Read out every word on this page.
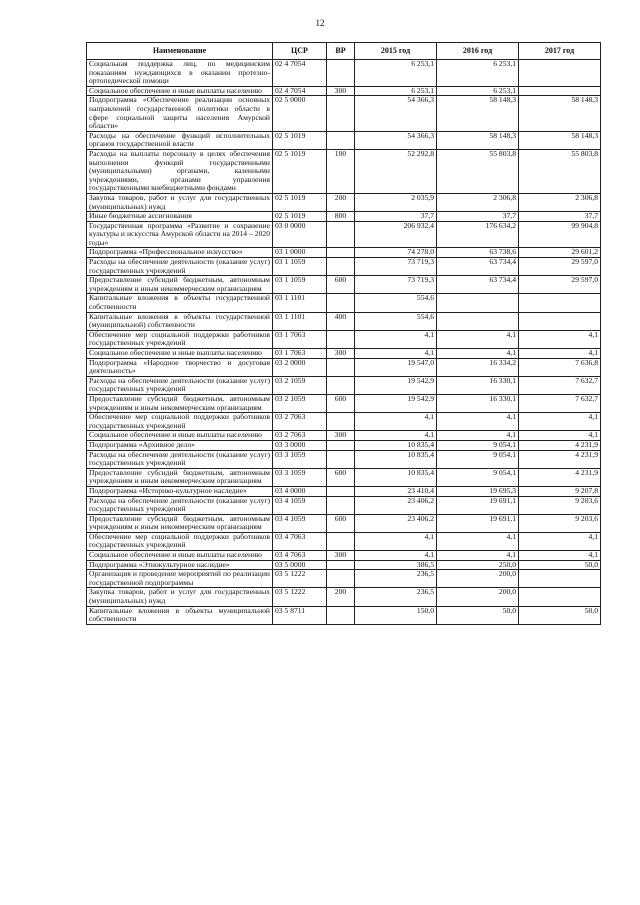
12
Наименование	ЦСР	ВР	2015 год	2016 год	2017 год
Социальная поддержка лиц, по медицинским показаниям нуждающихся в оказании протезно-ортопедической помощи	02 4 7054		6 253,1	6 253,1	
Социальное обеспечение и иные выплаты населению	02 4 7054	300	6 253,1	6 253,1	
Подпрограмма «Обеспечение реализации основных направлений государственной политики области в сфере социальной защиты населения Амурской области»	02 5 0000		54 366,3	58 148,3	58 148,3
Расходы на обеспечение функций исполнительных органов государственной власти	02 5 1019		54 366,3	58 148,3	58 148,3
Расходы на выплаты персоналу в целях обеспечения выполнения функций государственными (муниципальными) органами, казенными учреждениями, органами управления государственными внебюджетными фондами	02 5 1019	100	52 292,8	55 803,8	55 803,8
Закупка товаров, работ и услуг для государственных (муниципальных) нужд	02 5 1019	200	2 035,9	2 306,8	2 306,8
Иные бюджетные ассигнования	02 5 1019	800	37,7	37,7	37,7
Государственная программа «Развитие и сохранение культуры и искусства Амурской области на 2014 – 2020 годы»	03 0 0000		206 932,4	176 634,2	99 904,8
Подпрограмма «Профессиональное искусство»	03 1 0000		74 278,0	63 738,6	29 601,2
Расходы на обеспечение деятельности (оказание услуг) государственных учреждений	03 1 1059		73 719,3	63 734,4	29 597,0
Предоставление субсидий бюджетным, автономным учреждениям и иным некоммерческим организациям	03 1 1059	600	73 719,3	63 734,4	29 597,0
Капитальные вложения в объекты государственной собственности	03 1 1101		554,6		
Капитальные вложения в объекты государственной (муниципальной) собственности	03 1 1101	400	554,6		
Обеспечение мер социальной поддержки работников государственных учреждений	03 1 7063		4,1	4,1	4,1
Социальное обеспечение и иные выплаты населению	03 1 7063	300	4,1	4,1	4,1
Подпрограмма «Народное творчество и досуговая деятельность»	03 2 0000		19 547,0	16 334,2	7 636,8
Расходы на обеспечение деятельности (оказание услуг) государственных учреждений	03 2 1059		19 542,9	16 330,1	7 632,7
Предоставление субсидий бюджетным, автономным учреждениям и иным некоммерческим организациям	03 2 1059	600	19 542,9	16 330,1	7 632,7
Обеспечение мер социальной поддержки работников государственных учреждений	03 2 7063		4,1	4,1	4,1
Социальное обеспечение и иные выплаты населению	03 2 7063	300	4,1	4,1	4,1
Подпрограмма «Архивное дело»	03 3 0000		10 835,4	9 054,1	4 231,9
Расходы на обеспечение деятельности (оказание услуг) государственных учреждений	03 3 1059		10 835,4	9 054,1	4 231,9
Предоставление субсидий бюджетным, автономным учреждениям и иным некоммерческим организациям	03 3 1059	600	10 835,4	9 054,1	4 231,9
Подпрограмма «Историко-культурное наследие»	03 4 0000		23 410,4	19 695,3	9 207,8
Расходы на обеспечение деятельности (оказание услуг) государственных учреждений	03 4 1059		23 406,2	19 691,1	9 203,6
Предоставление субсидий бюджетным, автономным учреждениям и иным некоммерческим организациям	03 4 1059	600	23 406,2	19 691,1	9 203,6
Обеспечение мер социальной поддержки работников государственных учреждений	03 4 7063		4,1	4,1	4,1
Социальное обеспечение и иные выплаты населению	03 4 7063	300	4,1	4,1	4,1
Подпрограмма «Этнокультурное наследие»	03 5 0000		386,5	250,0	50,0
Организация и проведение мероприятий по реализации государственной подпрограммы	03 5 1222		236,5	200,0	
Закупка товаров, работ и услуг для государственных (муниципальных) нужд	03 5 1222	200	236,5	200,0	
Капитальные вложения в объекты муниципальной собственности	03 5 8711		150,0	50,0	50,0
